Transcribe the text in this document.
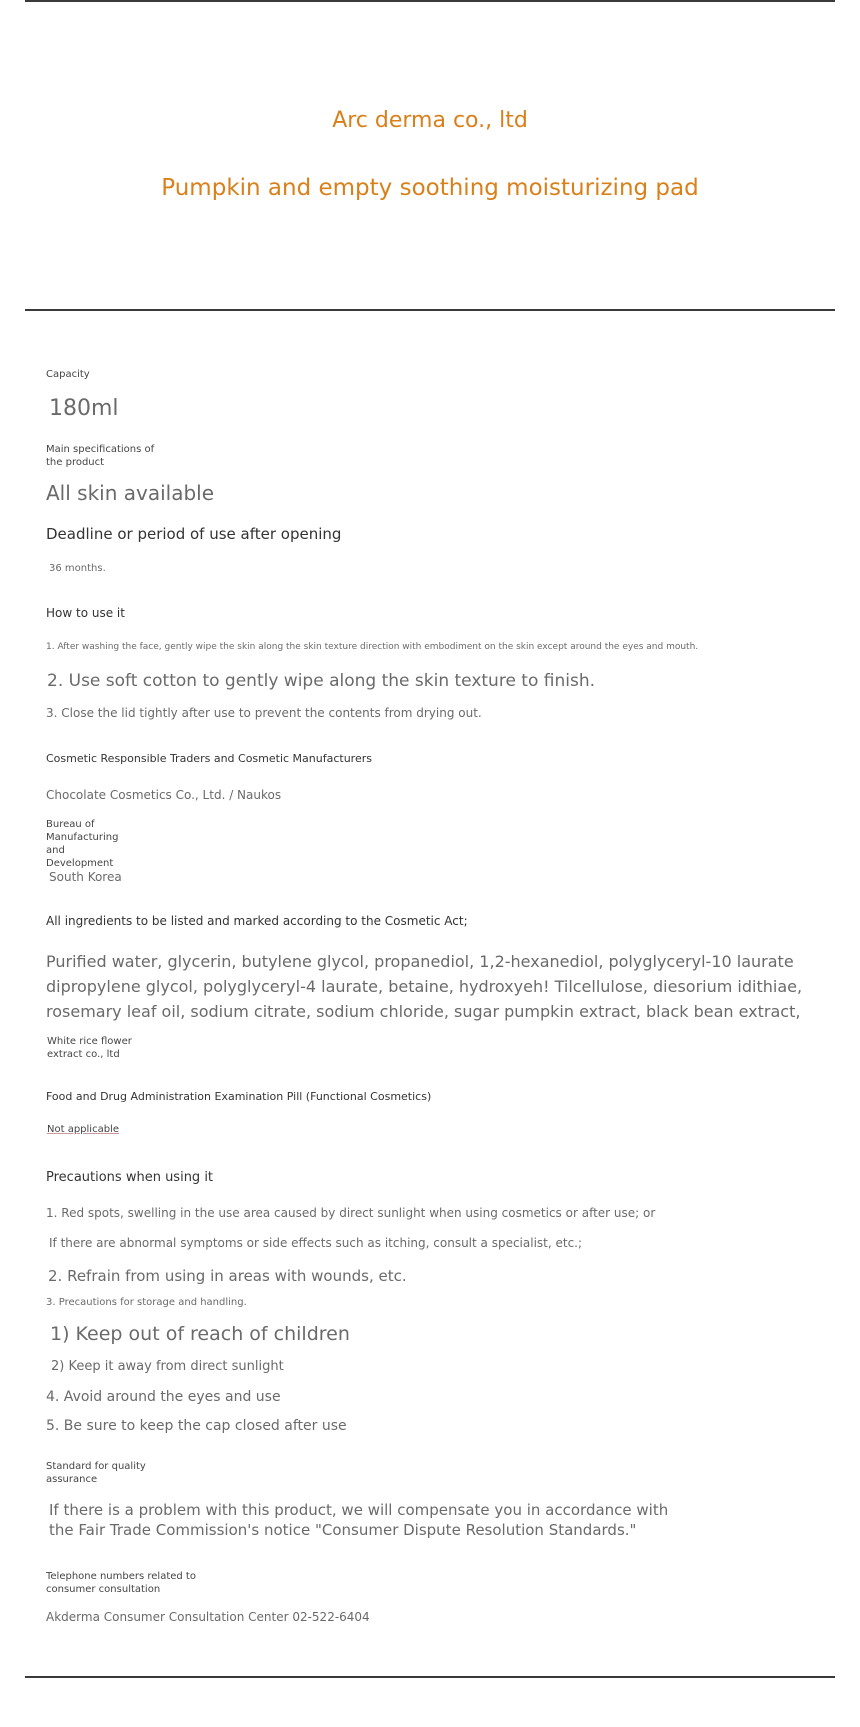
Arc derma co., ltd
Pumpkin and empty soothing moisturizing pad
Capacity
180ml
Main specifications of the product
All skin available
Deadline or period of use after opening
36 months.
How to use it
1. After washing the face, gently wipe the skin along the skin texture direction with embodiment on the skin except around the eyes and mouth.
2. Use soft cotton to gently wipe along the skin texture to finish.
3. Close the lid tightly after use to prevent the contents from drying out.
Cosmetic Responsible Traders and Cosmetic Manufacturers
Chocolate Cosmetics Co., Ltd. / Naukos
Bureau of Manufacturing and Development
South Korea
All ingredients to be listed and marked according to the Cosmetic Act;
Purified water, glycerin, butylene glycol, propanediol, 1,2-hexanediol, polyglyceryl-10 laurate
dipropylene glycol, polyglyceryl-4 laurate, betaine, hydroxyeh! Tilcellulose, diesorium idithiae,
rosemary leaf oil, sodium citrate, sodium chloride, sugar pumpkin extract, black bean extract,
White rice flower extract co., ltd
Food and Drug Administration Examination Pill (Functional Cosmetics)
Not applicable
Precautions when using it
1. Red spots, swelling in the use area caused by direct sunlight when using cosmetics or after use; or
If there are abnormal symptoms or side effects such as itching, consult a specialist, etc.;
2. Refrain from using in areas with wounds, etc.
3. Precautions for storage and handling.
1) Keep out of reach of children
2) Keep it away from direct sunlight
4. Avoid around the eyes and use
5. Be sure to keep the cap closed after use
Standard for quality assurance
If there is a problem with this product, we will compensate you in accordance with
the Fair Trade Commission's notice "Consumer Dispute Resolution Standards."
Telephone numbers related to consumer consultation
Akderma Consumer Consultation Center 02-522-6404
